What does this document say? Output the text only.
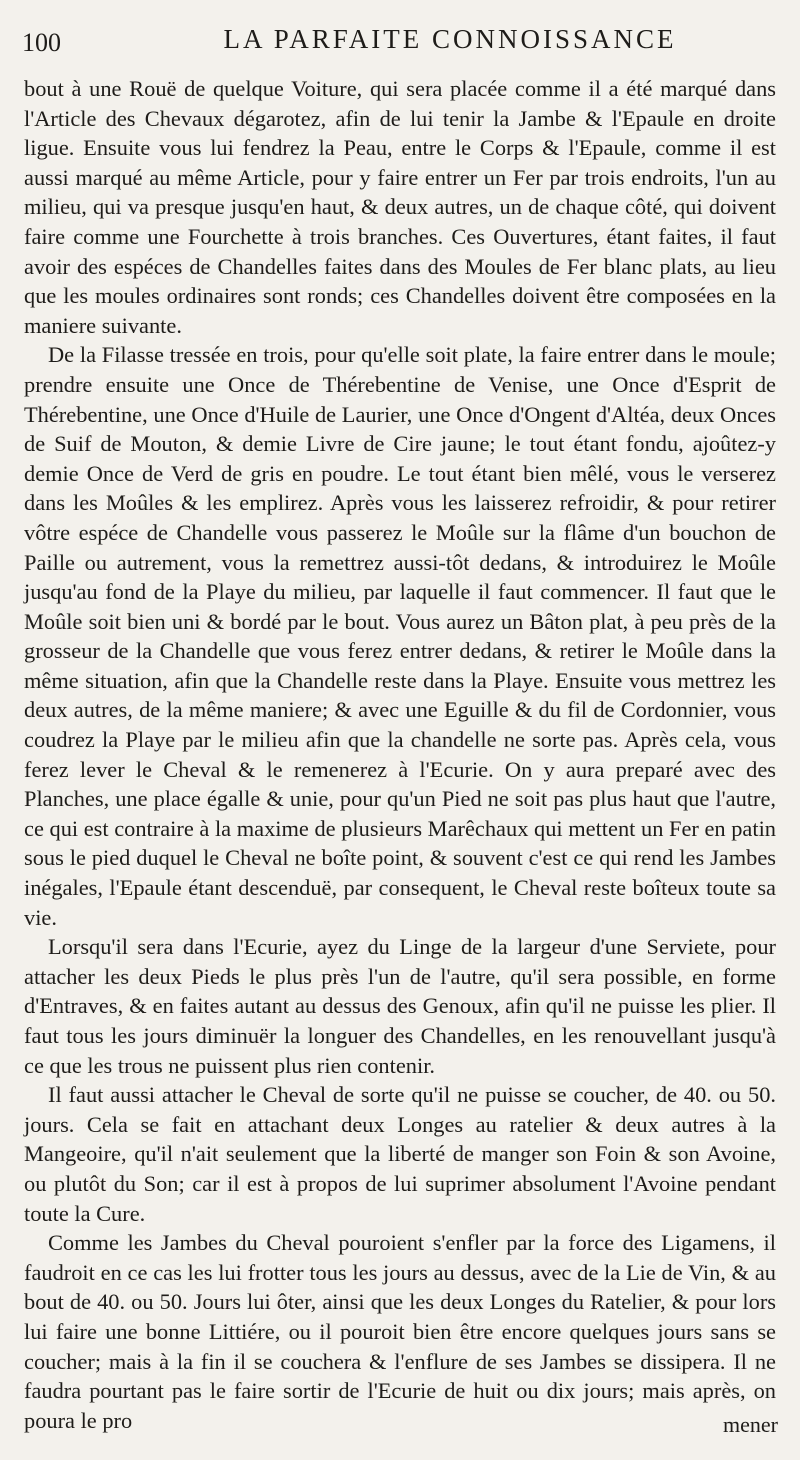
100	LA PARFAITE CONNOISSANCE

bout à une Rouë de quelque Voiture, qui sera placée comme il a été marqué dans l'Article des Chevaux dégarotez, afin de lui tenir la Jambe & l'Epaule en droite ligue. Ensuite vous lui fendrez la Peau, entre le Corps & l'Epaule, comme il est aussi marqué au même Article, pour y faire entrer un Fer par trois endroits, l'un au milieu, qui va presque jusqu'en haut, & deux autres, un de chaque côté, qui doivent faire comme une Fourchette à trois branches. Ces Ouvertures, étant faites, il faut avoir des espéces de Chandelles faites dans des Moules de Fer blanc plats, au lieu que les moules ordinaires sont ronds; ces Chandelles doivent être composées en la maniere suivante.

De la Filasse tressée en trois, pour qu'elle soit plate, la faire entrer dans le moule; prendre ensuite une Once de Thérebentine de Venise, une Once d'Esprit de Thérebentine, une Once d'Huile de Laurier, une Once d'Ongent d'Altéa, deux Onces de Suif de Mouton, & demie Livre de Cire jaune; le tout étant fondu, ajoûtez-y demie Once de Verd de gris en poudre. Le tout étant bien mêlé, vous le verserez dans les Moûles & les emplirez. Après vous les laisserez refroidir, & pour retirer vôtre espéce de Chandelle vous passerez le Moûle sur la flâme d'un bouchon de Paille ou autrement, vous la remettrez aussi-tôt dedans, & introduirez le Moûle jusqu'au fond de la Playe du milieu, par laquelle il faut commencer. Il faut que le Moûle soit bien uni & bordé par le bout. Vous aurez un Bâton plat, à peu près de la grosseur de la Chandelle que vous ferez entrer dedans, & retirer le Moûle dans la même situation, afin que la Chandelle reste dans la Playe. Ensuite vous mettrez les deux autres, de la même maniere; & avec une Eguille & du fil de Cordonnier, vous coudrez la Playe par le milieu afin que la chandelle ne sorte pas. Après cela, vous ferez lever le Cheval & le remenerez à l'Ecurie. On y aura preparé avec des Planches, une place égalle & unie, pour qu'un Pied ne soit pas plus haut que l'autre, ce qui est contraire à la maxime de plusieurs Marêchaux qui mettent un Fer en patin sous le pied duquel le Cheval ne boîte point, & souvent c'est ce qui rend les Jambes inégales, l'Epaule étant descenduë, par consequent, le Cheval reste boîteux toute sa vie.

Lorsqu'il sera dans l'Ecurie, ayez du Linge de la largeur d'une Serviete, pour attacher les deux Pieds le plus près l'un de l'autre, qu'il sera possible, en forme d'Entraves, & en faites autant au dessus des Genoux, afin qu'il ne puisse les plier. Il faut tous les jours diminuër la longuer des Chandelles, en les renouvellant jusqu'à ce que les trous ne puissent plus rien contenir.

Il faut aussi attacher le Cheval de sorte qu'il ne puisse se coucher, de 40. ou 50. jours. Cela se fait en attachant deux Longes au ratelier & deux autres à la Mangeoire, qu'il n'ait seulement que la liberté de manger son Foin & son Avoine, ou plutôt du Son; car il est à propos de lui suprimer absolument l'Avoine pendant toute la Cure.

Comme les Jambes du Cheval pouroient s'enfler par la force des Ligamens, il faudroit en ce cas les lui frotter tous les jours au dessus, avec de la Lie de Vin, & au bout de 40. ou 50. Jours lui ôter, ainsi que les deux Longes du Ratelier, & pour lors lui faire une bonne Littiére, ou il pouroit bien être encore quelques jours sans se coucher; mais à la fin il se couchera & l'enflure de ses Jambes se dissipera. Il ne faudra pourtant pas le faire sortir de l'Ecurie de huit ou dix jours; mais après, on poura le pro	mener
